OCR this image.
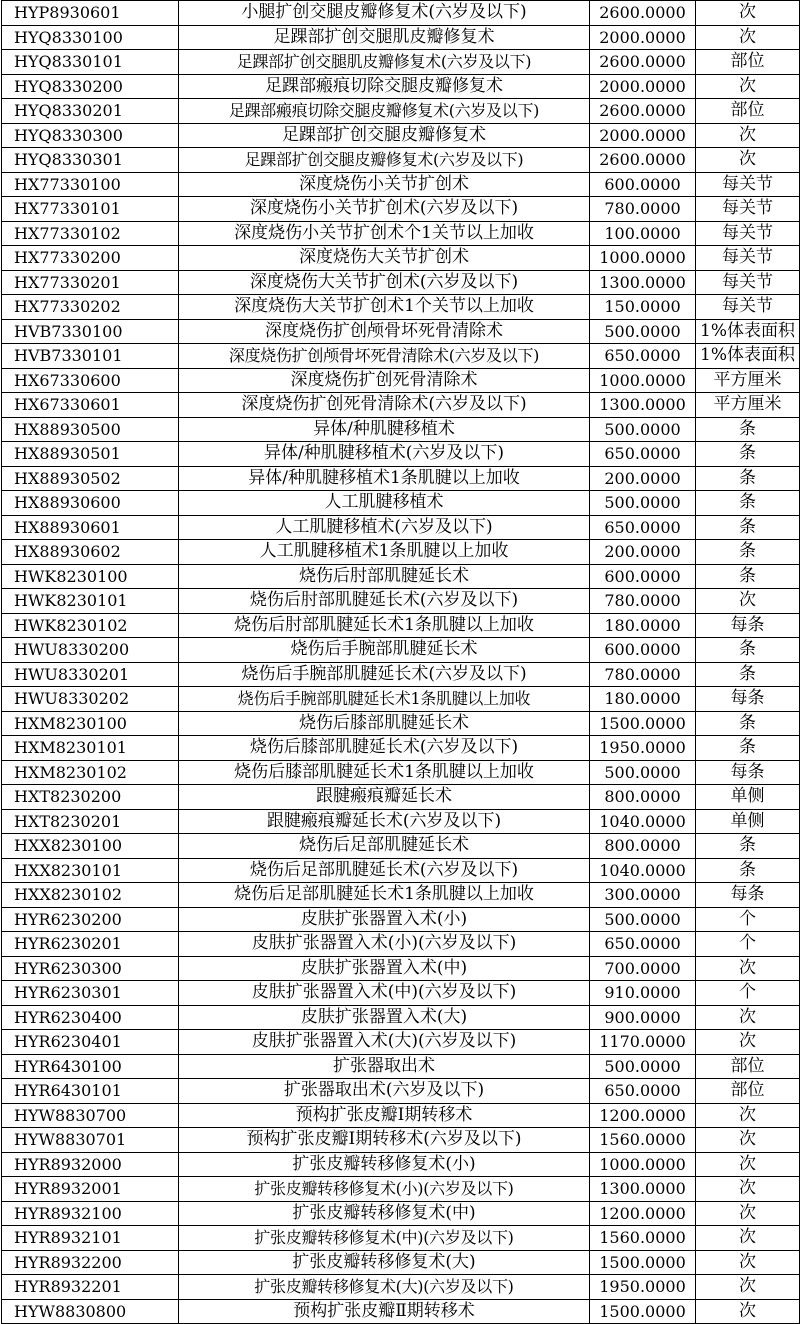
HYP8930601	小腿扩创交腿皮瓣修复术(六岁及以下)	2600.0000	次
HYQ8330100	足踝部扩创交腿肌皮瓣修复术	2000.0000	次
HYQ8330101	足踝部扩创交腿肌皮瓣修复术(六岁及以下)	2600.0000	部位
HYQ8330200	足踝部瘢痕切除交腿皮瓣修复术	2000.0000	次
HYQ8330201	足踝部瘢痕切除交腿皮瓣修复术(六岁及以下)	2600.0000	部位
HYQ8330300	足踝部扩创交腿皮瓣修复术	2000.0000	次
HYQ8330301	足踝部扩创交腿皮瓣修复术(六岁及以下)	2600.0000	次
HX77330100	深度烧伤小关节扩创术	600.0000	每关节
HX77330101	深度烧伤小关节扩创术(六岁及以下)	780.0000	每关节
HX77330102	深度烧伤小关节扩创术个1关节以上加收	100.0000	每关节
HX77330200	深度烧伤大关节扩创术	1000.0000	每关节
HX77330201	深度烧伤大关节扩创术(六岁及以下)	1300.0000	每关节
HX77330202	深度烧伤大关节扩创术1个关节以上加收	150.0000	每关节
HVB7330100	深度烧伤扩创颅骨坏死骨清除术	500.0000	1%体表面积
HVB7330101	深度烧伤扩创颅骨坏死骨清除术(六岁及以下)	650.0000	1%体表面积
HX67330600	深度烧伤扩创死骨清除术	1000.0000	平方厘米
HX67330601	深度烧伤扩创死骨清除术(六岁及以下)	1300.0000	平方厘米
HX88930500	异体/种肌腱移植术	500.0000	条
HX88930501	异体/种肌腱移植术(六岁及以下)	650.0000	条
HX88930502	异体/种肌腱移植术1条肌腱以上加收	200.0000	条
HX88930600	人工肌腱移植术	500.0000	条
HX88930601	人工肌腱移植术(六岁及以下)	650.0000	条
HX88930602	人工肌腱移植术1条肌腱以上加收	200.0000	条
HWK8230100	烧伤后肘部肌腱延长术	600.0000	条
HWK8230101	烧伤后肘部肌腱延长术(六岁及以下)	780.0000	次
HWK8230102	烧伤后肘部肌腱延长术1条肌腱以上加收	180.0000	每条
HWU8330200	烧伤后手腕部肌腱延长术	600.0000	条
HWU8330201	烧伤后手腕部肌腱延长术(六岁及以下)	780.0000	条
HWU8330202	烧伤后手腕部肌腱延长术1条肌腱以上加收	180.0000	每条
HXM8230100	烧伤后膝部肌腱延长术	1500.0000	条
HXM8230101	烧伤后膝部肌腱延长术(六岁及以下)	1950.0000	条
HXM8230102	烧伤后膝部肌腱延长术1条肌腱以上加收	500.0000	每条
HXT8230200	跟腱瘢痕瓣延长术	800.0000	单侧
HXT8230201	跟腱瘢痕瓣延长术(六岁及以下)	1040.0000	单侧
HXX8230100	烧伤后足部肌腱延长术	800.0000	条
HXX8230101	烧伤后足部肌腱延长术(六岁及以下)	1040.0000	条
HXX8230102	烧伤后足部肌腱延长术1条肌腱以上加收	300.0000	每条
HYR6230200	皮肤扩张器置入术(小)	500.0000	个
HYR6230201	皮肤扩张器置入术(小)(六岁及以下)	650.0000	个
HYR6230300	皮肤扩张器置入术(中)	700.0000	次
HYR6230301	皮肤扩张器置入术(中)(六岁及以下)	910.0000	个
HYR6230400	皮肤扩张器置入术(大)	900.0000	次
HYR6230401	皮肤扩张器置入术(大)(六岁及以下)	1170.0000	次
HYR6430100	扩张器取出术	500.0000	部位
HYR6430101	扩张器取出术(六岁及以下)	650.0000	部位
HYW8830700	预构扩张皮瓣Ⅰ期转移术	1200.0000	次
HYW8830701	预构扩张皮瓣Ⅰ期转移术(六岁及以下)	1560.0000	次
HYR8932000	扩张皮瓣转移修复术(小)	1000.0000	次
HYR8932001	扩张皮瓣转移修复术(小)(六岁及以下)	1300.0000	次
HYR8932100	扩张皮瓣转移修复术(中)	1200.0000	次
HYR8932101	扩张皮瓣转移修复术(中)(六岁及以下)	1560.0000	次
HYR8932200	扩张皮瓣转移修复术(大)	1500.0000	次
HYR8932201	扩张皮瓣转移修复术(大)(六岁及以下)	1950.0000	次
HYW8830800	预构扩张皮瓣Ⅱ期转移术	1500.0000	次
